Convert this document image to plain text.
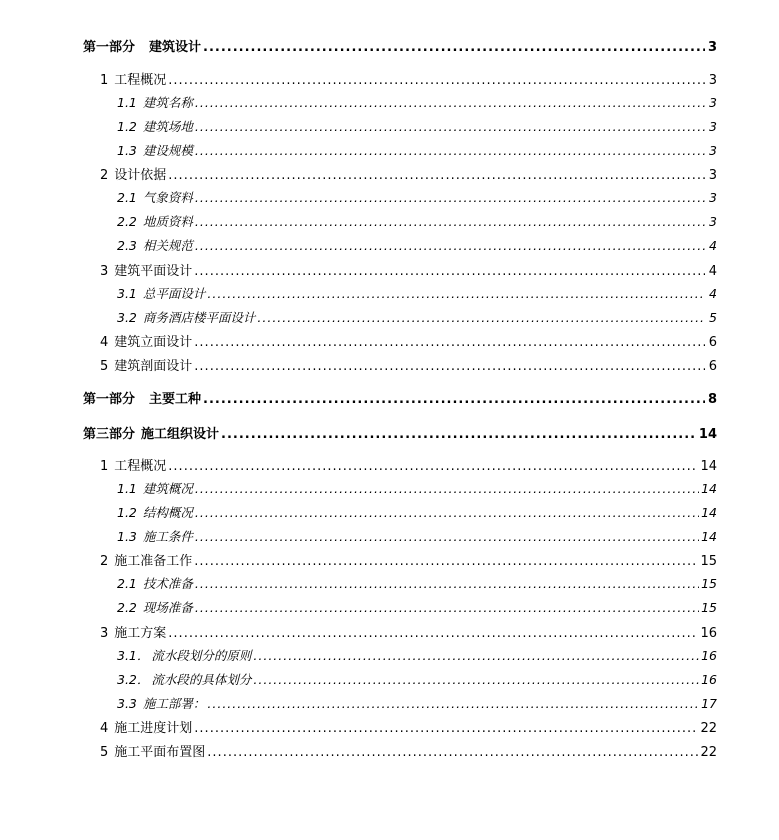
第一部分 建筑设计 .....	3
1 工程概况 .....	3
1.1 建筑名称 .....	3
1.2 建筑场地 .....	3
1.3 建设规模 .....	3
2 设计依据 .....	3
2.1 气象资料 .....	3
2.2 地质资料 .....	3
2.3 相关规范 .....	4
3 建筑平面设计 .....	4
3.1 总平面设计 .....	4
3.2 商务酒店楼平面设计 .....	5
4 建筑立面设计 .....	6
5 建筑剖面设计 .....	6
第一部分 主要工种 .....	8
第三部分 施工组织设计 .....	14
1 工程概况 .....	14
1.1 建筑概况 .....	14
1.2 结构概况 .....	14
1.3 施工条件 .....	14
2 施工准备工作 .....	15
2.1 技术准备 .....	15
2.2 现场准备 .....	15
3 施工方案 .....	16
3.1． 流水段划分的原则 .....	16
3.2． 流水段的具体划分 .....	16
3.3 施工部署： .....	17
4 施工进度计划 .....	22
5 施工平面布置图 .....	22
